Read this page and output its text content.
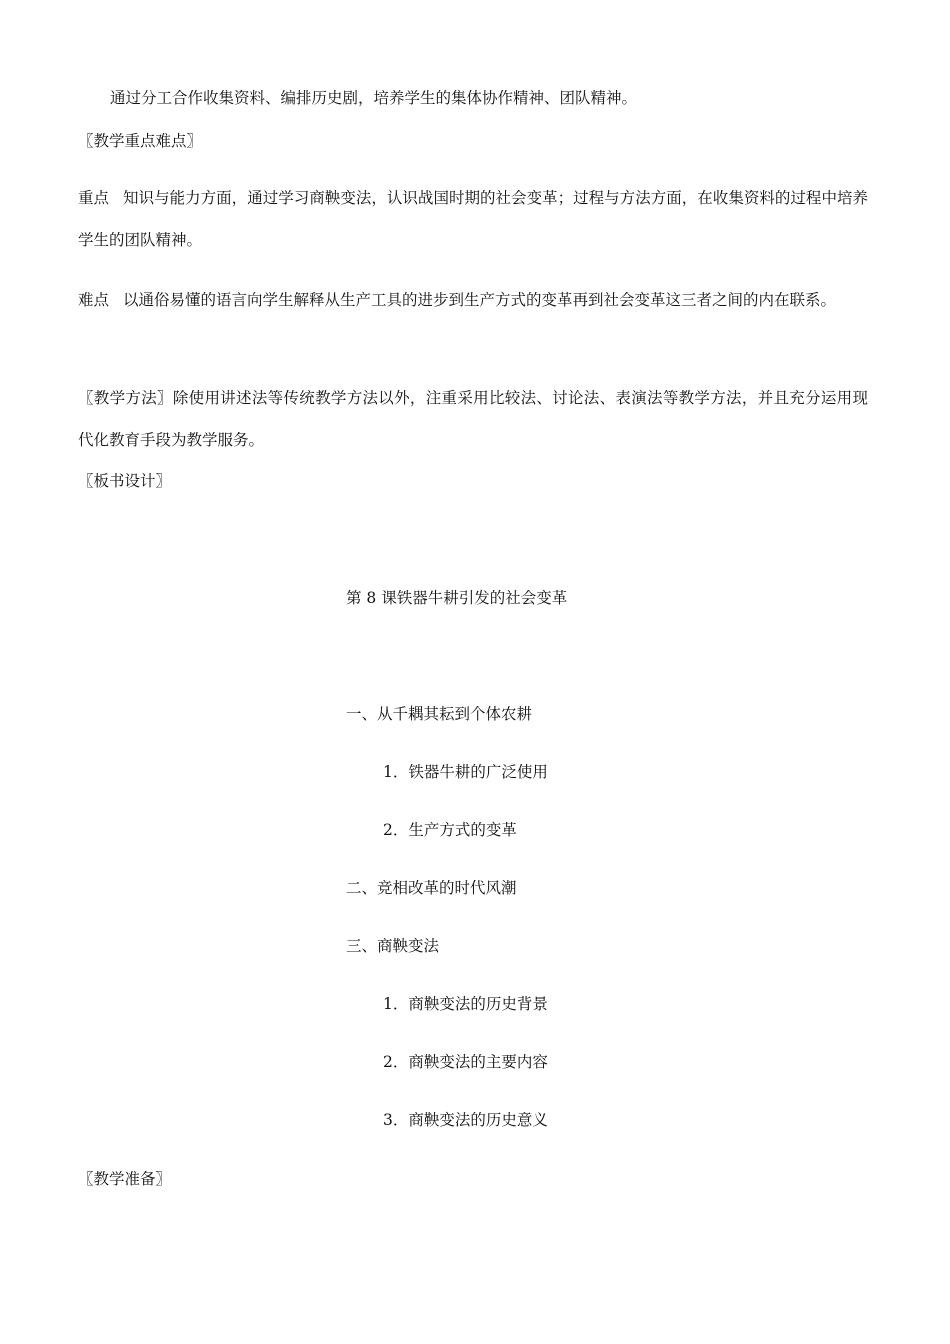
通过分工合作收集资料、编排历史剧，培养学生的集体协作精神、团队精神。
〖教学重点难点〗
重点 知识与能力方面，通过学习商鞅变法，认识战国时期的社会变革；过程与方法方面，在收集资料的过程中培养学生的团队精神。
难点 以通俗易懂的语言向学生解释从生产工具的进步到生产方式的变革再到社会变革这三者之间的内在联系。
〖教学方法〗除使用讲述法等传统教学方法以外，注重采用比较法、讨论法、表演法等教学方法，并且充分运用现代化教育手段为教学服务。
〖板书设计〗
第 8 课铁器牛耕引发的社会变革
一、从千耦其耘到个体农耕
1．铁器牛耕的广泛使用
2．生产方式的变革
二、竞相改革的时代风潮
三、商鞅变法
1．商鞅变法的历史背景
2．商鞅变法的主要内容
3．商鞅变法的历史意义
〖教学准备〗
